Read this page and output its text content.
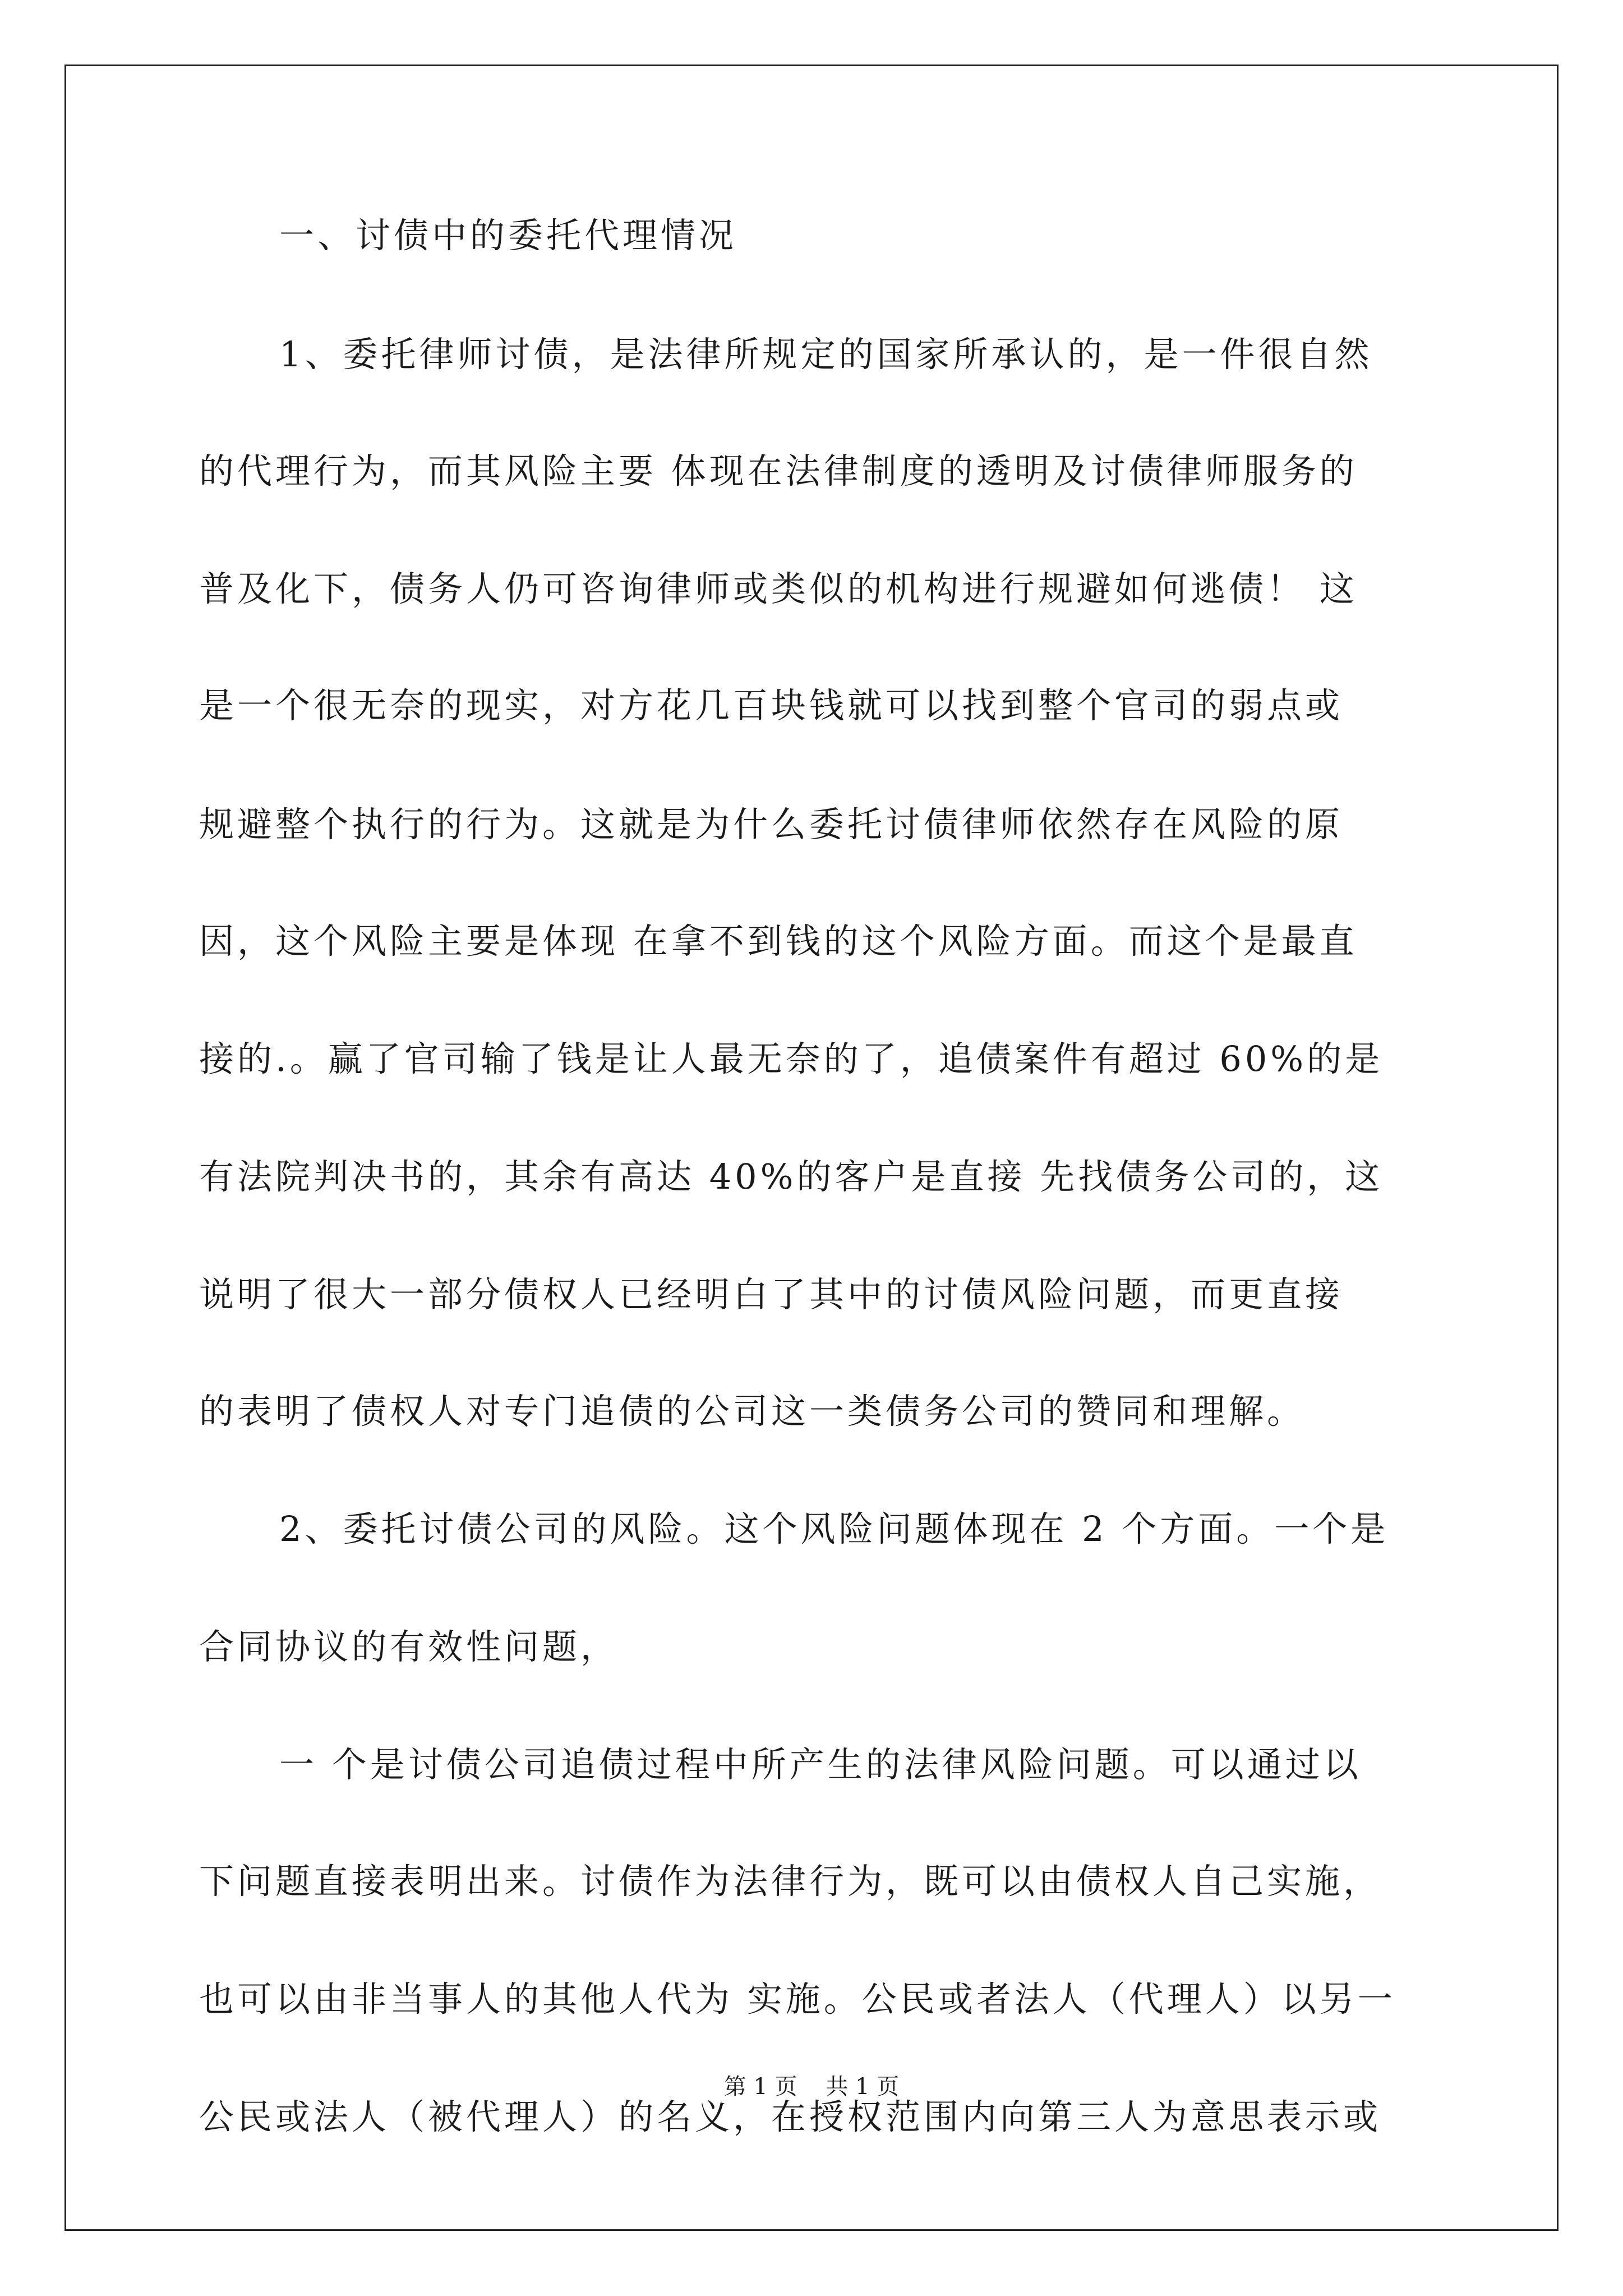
一、讨债中的委托代理情况
1、委托律师讨债，是法律所规定的国家所承认的，是一件很自然
的代理行为，而其风险主要 体现在法律制度的透明及讨债律师服务的
普及化下，债务人仍可咨询律师或类似的机构进行规避如何逃债！ 这
是一个很无奈的现实，对方花几百块钱就可以找到整个官司的弱点或
规避整个执行的行为。这就是为什么委托讨债律师依然存在风险的原
因，这个风险主要是体现 在拿不到钱的这个风险方面。而这个是最直
接的.。赢了官司输了钱是让人最无奈的了，追债案件有超过 60%的是
有法院判决书的，其余有高达 40%的客户是直接 先找债务公司的，这
说明了很大一部分债权人已经明白了其中的讨债风险问题，而更直接
的表明了债权人对专门追债的公司这一类债务公司的赞同和理解。
2、委托讨债公司的风险。这个风险问题体现在 2 个方面。一个是
合同协议的有效性问题，
一 个是讨债公司追债过程中所产生的法律风险问题。可以通过以
下问题直接表明出来。讨债作为法律行为，既可以由债权人自己实施，
也可以由非当事人的其他人代为 实施。公民或者法人（代理人）以另一
公民或法人（被代理人）的名义，在授权范围内向第三人为意思表示或
第 1 页    共 1 页
